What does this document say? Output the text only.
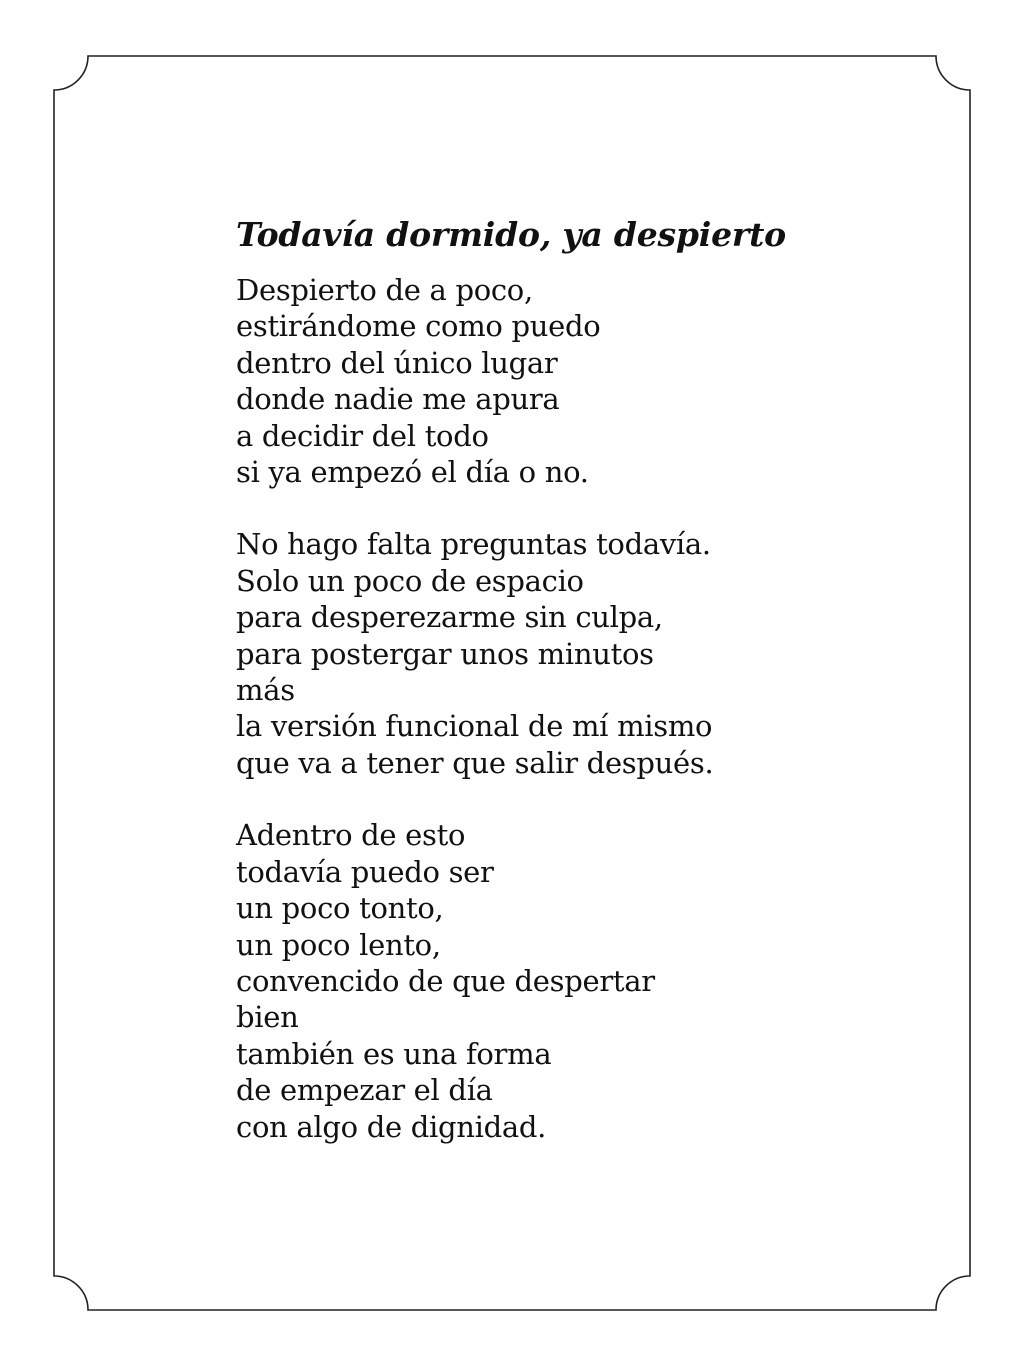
Todavía dormido, ya despierto
Despierto de a poco,
estirándome como puedo
dentro del único lugar
donde nadie me apura
a decidir del todo
si ya empezó el día o no.
No hago falta preguntas todavía.
Solo un poco de espacio
para desperezarme sin culpa,
para postergar unos minutos
más
la versión funcional de mí mismo
que va a tener que salir después.
Adentro de esto
todavía puedo ser
un poco tonto,
un poco lento,
convencido de que despertar
bien
también es una forma
de empezar el día
con algo de dignidad.
